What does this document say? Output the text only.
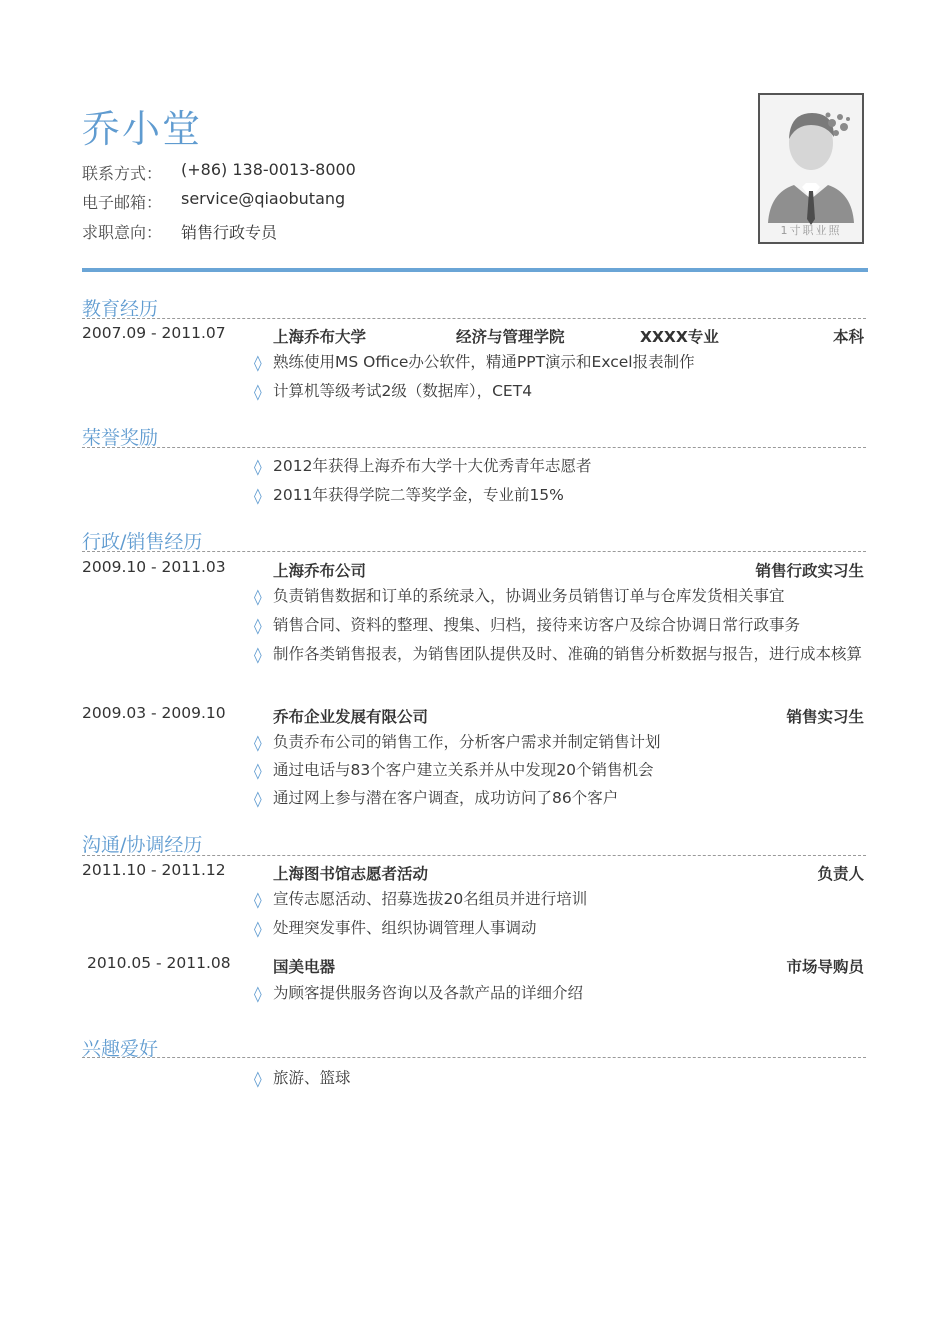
乔小堂
联系方式： (+86) 138-0013-8000
电子邮箱： service@qiaobutang
求职意向： 销售行政专员	1寸职业照
教育经历
2007.09 - 2011.07	上海乔布大学	经济与管理学院	XXXX专业	本科
◊ 熟练使用MS Office办公软件，精通PPT演示和Excel报表制作
◊ 计算机等级考试2级（数据库），CET4
荣誉奖励
◊ 2012年获得上海乔布大学十大优秀青年志愿者
◊ 2011年获得学院二等奖学金，专业前15%
行政/销售经历
2009.10 - 2011.03	上海乔布公司	销售行政实习生
◊ 负责销售数据和订单的系统录入，协调业务员销售订单与仓库发货相关事宜
◊ 销售合同、资料的整理、搜集、归档，接待来访客户及综合协调日常行政事务
◊ 制作各类销售报表，为销售团队提供及时、准确的销售分析数据与报告，进行成本核算
2009.03 - 2009.10	乔布企业发展有限公司	销售实习生
◊ 负责乔布公司的销售工作，分析客户需求并制定销售计划
◊ 通过电话与83个客户建立关系并从中发现20个销售机会
◊ 通过网上参与潜在客户调查，成功访问了86个客户
沟通/协调经历
2011.10 - 2011.12	上海图书馆志愿者活动	负责人
◊ 宣传志愿活动、招募选拔20名组员并进行培训
◊ 处理突发事件、组织协调管理人事调动
2010.05 - 2011.08	国美电器	市场导购员
◊ 为顾客提供服务咨询以及各款产品的详细介绍
兴趣爱好
◊ 旅游、篮球
